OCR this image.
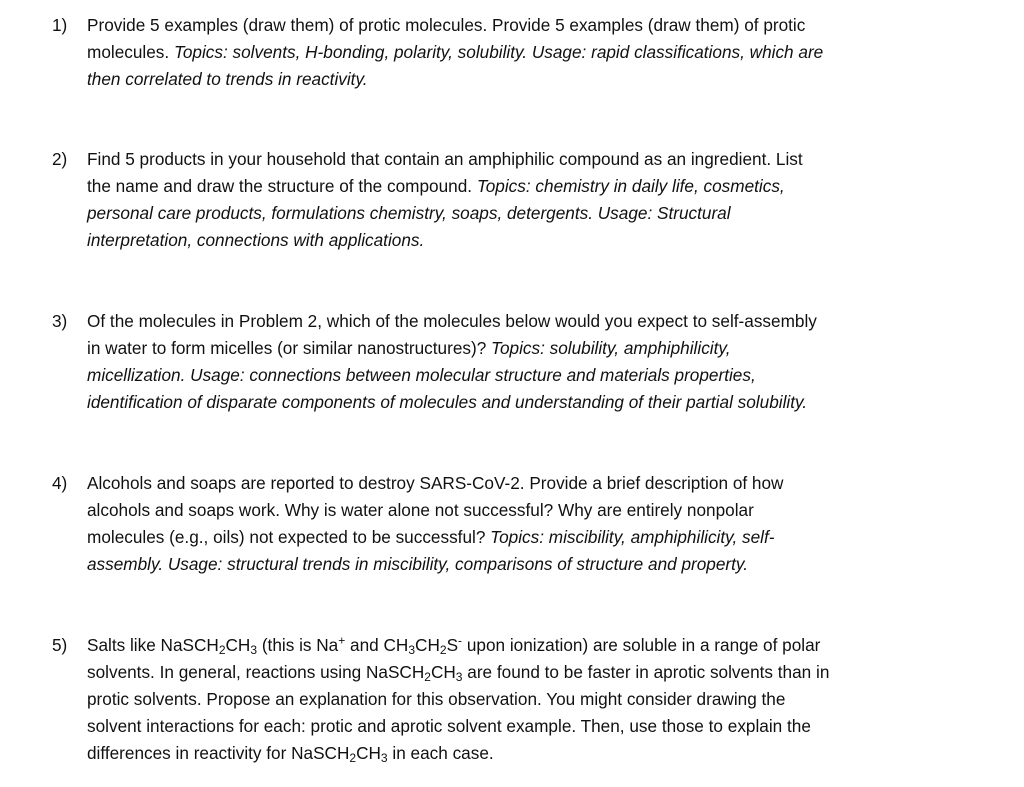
1)	Provide 5 examples (draw them) of protic molecules. Provide 5 examples (draw them) of protic
molecules. Topics: solvents, H-bonding, polarity, solubility. Usage: rapid classifications, which are
then correlated to trends in reactivity.
2)	Find 5 products in your household that contain an amphiphilic compound as an ingredient. List
the name and draw the structure of the compound. Topics: chemistry in daily life, cosmetics,
personal care products, formulations chemistry, soaps, detergents. Usage: Structural
interpretation, connections with applications.
3)	Of the molecules in Problem 2, which of the molecules below would you expect to self-assembly
in water to form micelles (or similar nanostructures)? Topics: solubility, amphiphilicity,
micellization. Usage: connections between molecular structure and materials properties,
identification of disparate components of molecules and understanding of their partial solubility.
4)	Alcohols and soaps are reported to destroy SARS-CoV-2. Provide a brief description of how
alcohols and soaps work. Why is water alone not successful? Why are entirely nonpolar
molecules (e.g., oils) not expected to be successful? Topics: miscibility, amphiphilicity, self-
assembly. Usage: structural trends in miscibility, comparisons of structure and property.
5)	Salts like $NaSCH_2CH_3$ (this is Na+ and $CH_3CH_2S^-$ upon ionization) are soluble in a range of polar
solvents. In general, reactions using $NaSCH_2CH_3$ are found to be faster in aprotic solvents than in
protic solvents. Propose an explanation for this observation. You might consider drawing the
solvent interactions for each: protic and aprotic solvent example. Then, use those to explain the
differences in reactivity for $NaSCH_2CH_3$ in each case.
